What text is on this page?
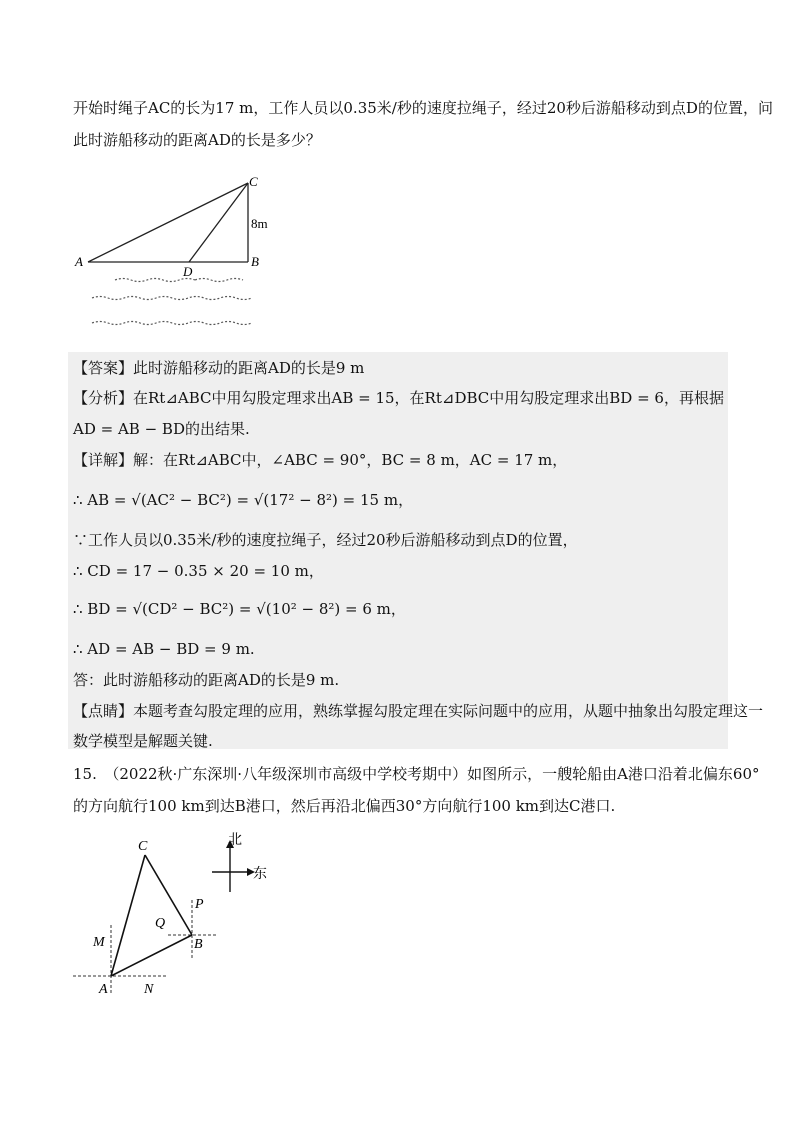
开始时绳子AC的长为17 m，工作人员以0.35米/秒的速度拉绳子，经过20秒后游船移动到点D的位置，问
此时游船移动的距离AD的长是多少？
A	B
C
D
8m
【答案】此时游船移动的距离AD的长是9 m
【分析】在Rt⊿ABC中用勾股定理求出AB = 15，在Rt⊿DBC中用勾股定理求出BD = 6，再根据
AD = AB − BD的出结果.
【详解】解：在Rt⊿ABC中，∠ABC = 90°，BC = 8 m，AC = 17 m，
∴ AB = √(AC² − BC²) = √(17² − 8²) = 15 m，
∵工作人员以0.35米/秒的速度拉绳子，经过20秒后游船移动到点D的位置，
∴ CD = 17 − 0.35 × 20 = 10 m，
∴ BD = √(CD² − BC²) = √(10² − 8²) = 6 m，
∴ AD = AB − BD = 9 m.
答：此时游船移动的距离AD的长是9 m.
【点睛】本题考查勾股定理的应用，熟练掌握勾股定理在实际问题中的应用，从题中抽象出勾股定理这一
数学模型是解题关键.
15.　（2022秋·广东深圳·八年级深圳市高级中学校考期中）如图所示，一艘轮船由A港口沿着北偏东60°
的方向航行100 km到达B港口，然后再沿北偏西30°方向航行100 km到达C港口.
C
M
Q
P
B
A	N
北
东
